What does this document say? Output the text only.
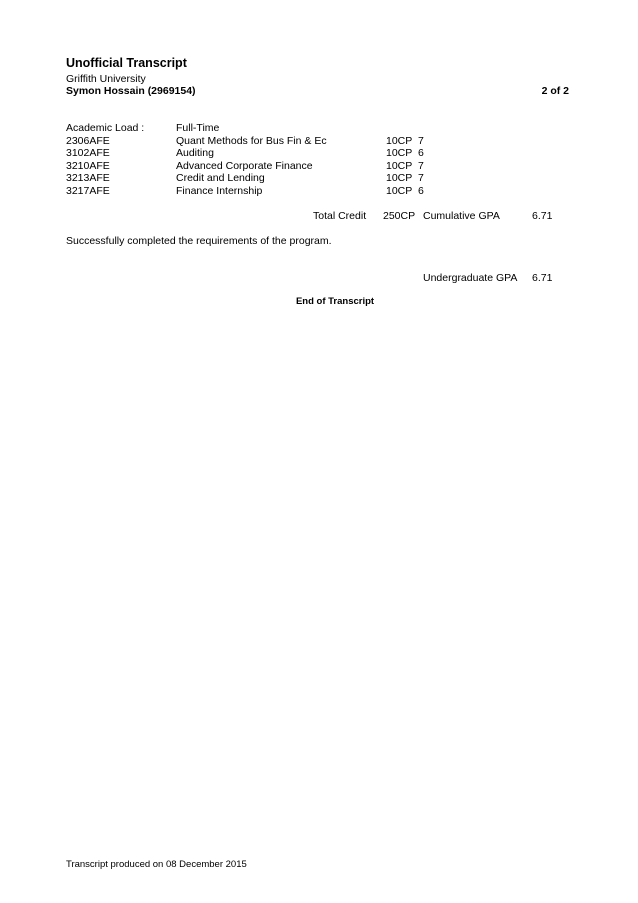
Unofficial Transcript
Griffith University
Symon Hossain (2969154)	2 of 2
Academic Load :	Full-Time
2306AFE	Quant Methods for Bus Fin & Ec	10CP 7
3102AFE	Auditing	10CP 6
3210AFE	Advanced Corporate Finance	10CP 7
3213AFE	Credit and Lending	10CP 7
3217AFE	Finance Internship	10CP 6
Total Credit 250CP Cumulative GPA	6.71
Successfully completed the requirements of the program.
Undergraduate GPA 6.71
End of Transcript
Transcript produced on 08 December 2015
